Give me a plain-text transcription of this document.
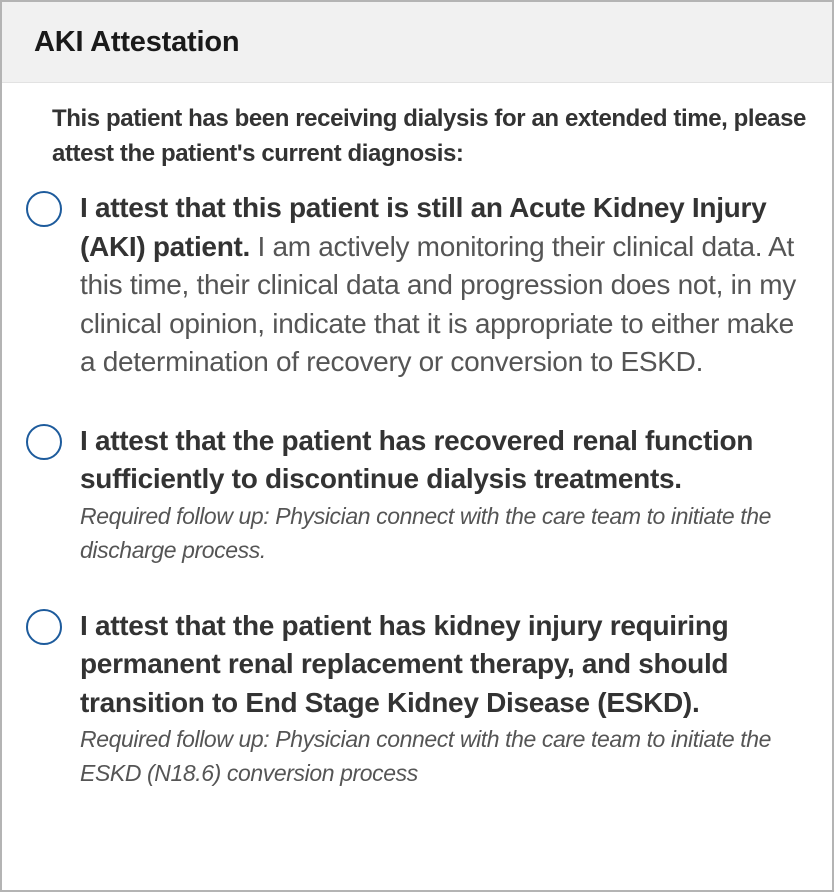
AKI Attestation

This patient has been receiving dialysis for an extended time, please attest the patient's current diagnosis:

I attest that this patient is still an Acute Kidney Injury (AKI) patient. I am actively monitoring their clinical data. At this time, their clinical data and progression does not, in my clinical opinion, indicate that it is appropriate to either make a determination of recovery or conversion to ESKD.
I attest that the patient has recovered renal function sufficiently to discontinue dialysis treatments.
Required follow up: Physician connect with the care team to initiate the discharge process.
I attest that the patient has kidney injury requiring permanent renal replacement therapy, and should transition to End Stage Kidney Disease (ESKD).
Required follow up: Physician connect with the care team to initiate the ESKD (N18.6) conversion process
